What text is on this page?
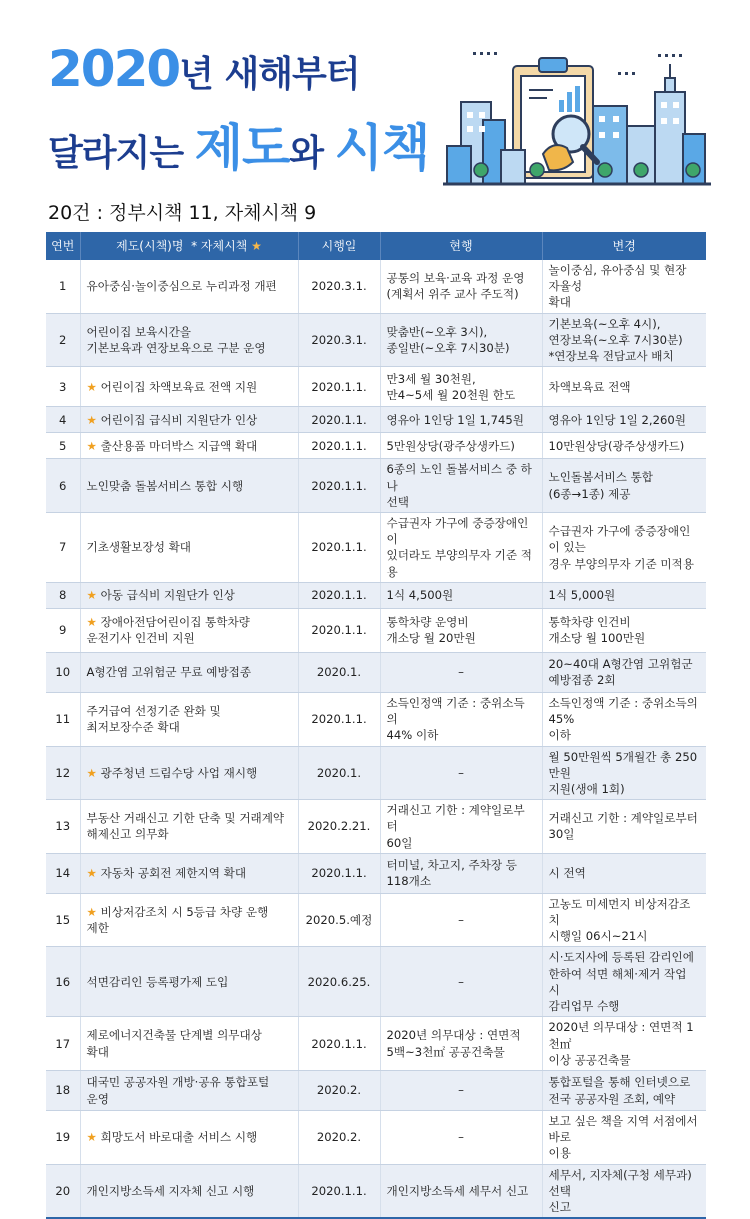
2020년 새해부터
달라지는 제도와 시책
20건 : 정부시책 11, 자체시책 9
연번	제도(시책)명 * 자체시책 ★	시행일	현행	변경
1	유아중심·놀이중심으로 누리과정 개편	2020.3.1.	공통의 보육·교육 과정 운영
(계획서 위주 교사 주도적)	놀이중심, 유아중심 및 현장 자율성
확대
2	어린이집 보육시간을
기본보육과 연장보육으로 구분 운영	2020.3.1.	맞춤반(~오후 3시),
종일반(~오후 7시30분)	기본보육(~오후 4시),
연장보육(~오후 7시30분)
*연장보육 전담교사 배치
3	★ 어린이집 차액보육료 전액 지원	2020.1.1.	만3세 월 30천원,
만4~5세 월 20천원 한도	차액보육료 전액
4	★ 어린이집 급식비 지원단가 인상	2020.1.1.	영유아 1인당 1일 1,745원	영유아 1인당 1일 2,260원
5	★ 출산용품 마더박스 지급액 확대	2020.1.1.	5만원상당(광주상생카드)	10만원상당(광주상생카드)
6	노인맞춤 돌봄서비스 통합 시행	2020.1.1.	6종의 노인 돌봄서비스 중 하나
선택	노인돌봄서비스 통합
(6종→1종) 제공
7	기초생활보장성 확대	2020.1.1.	수급권자 가구에 중증장애인이
있더라도 부양의무자 기준 적용	수급권자 가구에 중증장애인이 있는
경우 부양의무자 기준 미적용
8	★ 아동 급식비 지원단가 인상	2020.1.1.	1식 4,500원	1식 5,000원
9	★ 장애아전담어린이집 통학차량
운전기사 인건비 지원	2020.1.1.	통학차량 운영비
개소당 월 20만원	통학차량 인건비
개소당 월 100만원
10	A형간염 고위험군 무료 예방접종	2020.1.	–	20~40대 A형간염 고위험군
예방접종 2회
11	주거급여 선정기준 완화 및
최저보장수준 확대	2020.1.1.	소득인정액 기준 : 중위소득의
44% 이하	소득인정액 기준 : 중위소득의 45%
이하
12	★ 광주청년 드림수당 사업 재시행	2020.1.	–	월 50만원씩 5개월간 총 250만원
지원(생애 1회)
13	부동산 거래신고 기한 단축 및 거래계약
해제신고 의무화	2020.2.21.	거래신고 기한 : 계약일로부터
60일	거래신고 기한 : 계약일로부터 30일
14	★ 자동차 공회전 제한지역 확대	2020.1.1.	터미널, 차고지, 주차장 등
118개소	시 전역
15	★ 비상저감조치 시 5등급 차량 운행
제한	2020.5.예정	–	고농도 미세먼지 비상저감조치
시행일 06시~21시
16	석면감리인 등록평가제 도입	2020.6.25.	–	시·도지사에 등록된 감리인에
한하여 석면 해체·제거 작업 시
감리업무 수행
17	제로에너지건축물 단계별 의무대상
확대	2020.1.1.	2020년 의무대상 : 연면적
5백~3천㎡ 공공건축물	2020년 의무대상 : 연면적 1천㎡
이상 공공건축물
18	대국민 공공자원 개방·공유 통합포털
운영	2020.2.	–	통합포털을 통해 인터넷으로
전국 공공자원 조회, 예약
19	★ 희망도서 바로대출 서비스 시행	2020.2.	–	보고 싶은 책을 지역 서점에서 바로
이용
20	개인지방소득세 지자체 신고 시행	2020.1.1.	개인지방소득세 세무서 신고	세무서, 지자체(구청 세무과) 선택
신고
